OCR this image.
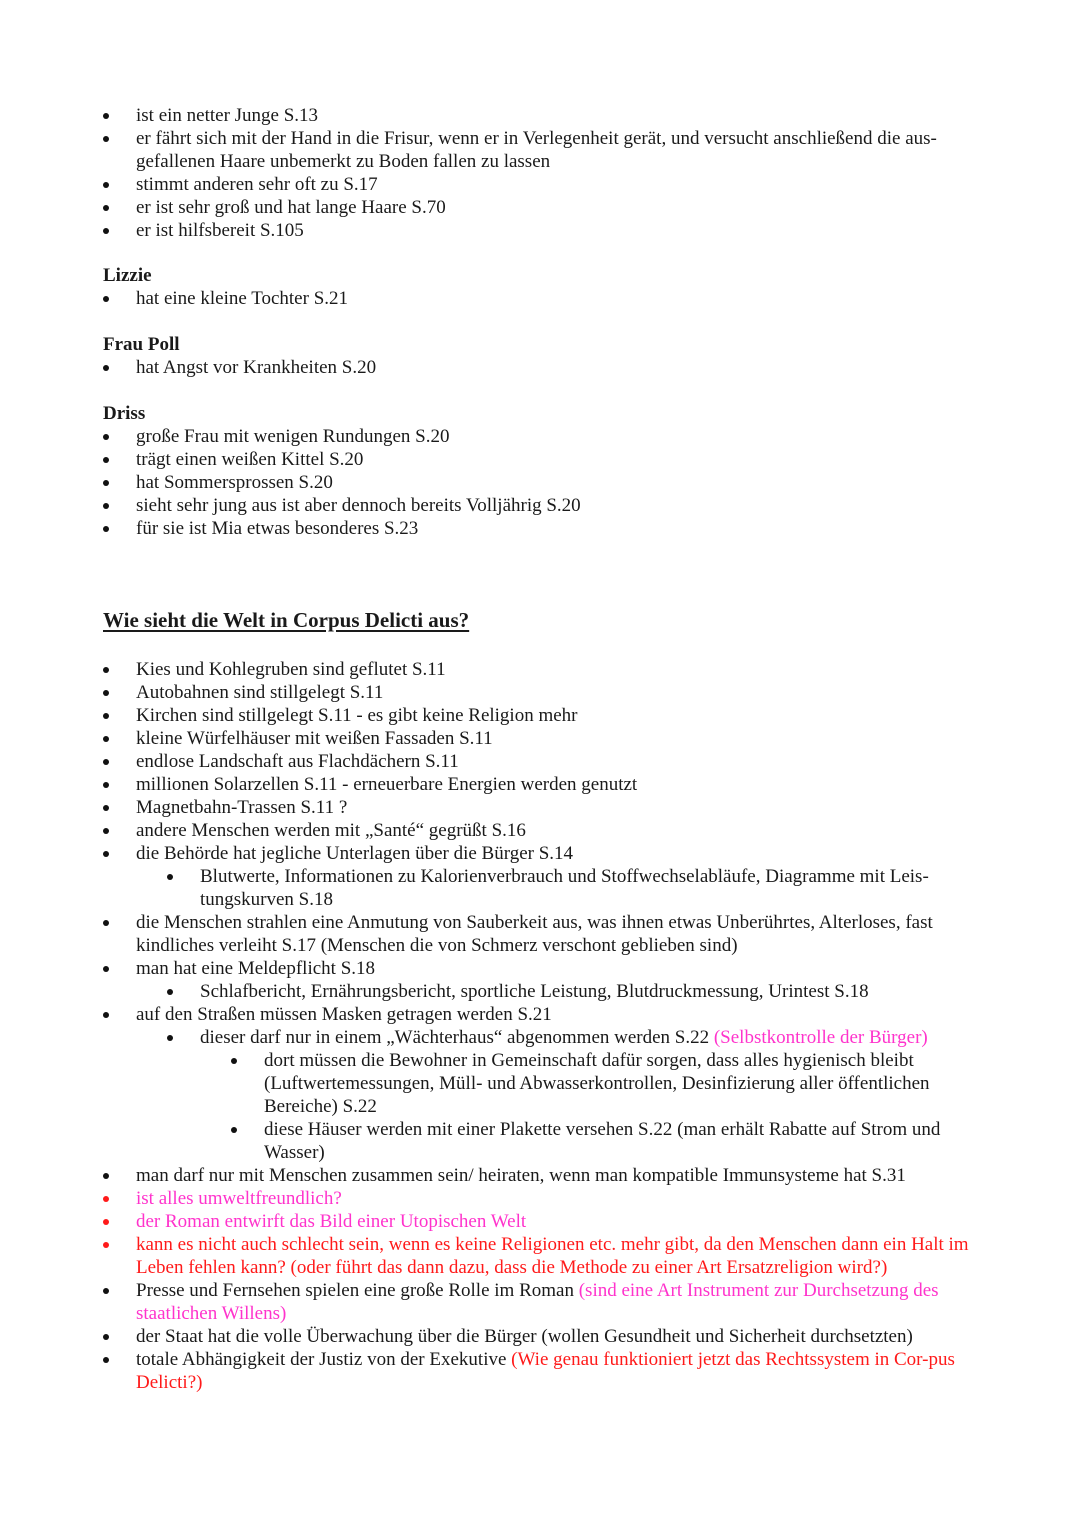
ist ein netter Junge S.13
er fährt sich mit der Hand in die Frisur, wenn er in Verlegenheit gerät, und versucht anschließend die aus-gefallenen Haare unbemerkt zu Boden fallen zu lassen
stimmt anderen sehr oft zu S.17
er ist sehr groß und hat lange Haare S.70
er ist hilfsbereit S.105
Lizzie
hat eine kleine Tochter S.21
Frau Poll
hat Angst vor Krankheiten S.20
Driss
große Frau mit wenigen Rundungen S.20
trägt einen weißen Kittel S.20
hat Sommersprossen S.20
sieht sehr jung aus ist aber dennoch bereits Volljährig S.20
für sie ist Mia etwas besonderes S.23
Wie sieht die Welt in Corpus Delicti aus?
Kies und Kohlegruben sind geflutet S.11
Autobahnen sind stillgelegt S.11
Kirchen sind stillgelegt S.11 - es gibt keine Religion mehr
kleine Würfelhäuser mit weißen Fassaden S.11
endlose Landschaft aus Flachdächern S.11
millionen Solarzellen S.11 - erneuerbare Energien werden genutzt
Magnetbahn-Trassen S.11 ?
andere Menschen werden mit „Santé“ gegrüßt S.16
die Behörde hat jegliche Unterlagen über die Bürger S.14
Blutwerte, Informationen zu Kalorienverbrauch und Stoffwechselabläufe, Diagramme mit Leis-tungskurven S.18
die Menschen strahlen eine Anmutung von Sauberkeit aus, was ihnen etwas Unberührtes, Alterloses, fast kindliches verleiht S.17 (Menschen die von Schmerz verschont geblieben sind)
man hat eine Meldepflicht S.18
Schlafbericht, Ernährungsbericht, sportliche Leistung, Blutdruckmessung, Urintest S.18
auf den Straßen müssen Masken getragen werden S.21
dieser darf nur in einem „Wächterhaus“ abgenommen werden S.22 (Selbstkontrolle der Bürger)
dort müssen die Bewohner in Gemeinschaft dafür sorgen, dass alles hygienisch bleibt (Luftwertemessungen, Müll- und Abwasserkontrollen, Desinfizierung aller öffentlichen Bereiche) S.22
diese Häuser werden mit einer Plakette versehen S.22 (man erhält Rabatte auf Strom und Wasser)
man darf nur mit Menschen zusammen sein/ heiraten, wenn man kompatible Immunsysteme hat S.31
ist alles umweltfreundlich?
der Roman entwirft das Bild einer Utopischen Welt
kann es nicht auch schlecht sein, wenn es keine Religionen etc. mehr gibt, da den Menschen dann ein Halt im Leben fehlen kann? (oder führt das dann dazu, dass die Methode zu einer Art Ersatzreligion wird?)
Presse und Fernsehen spielen eine große Rolle im Roman (sind eine Art Instrument zur Durchsetzung des staatlichen Willens)
der Staat hat die volle Überwachung über die Bürger (wollen Gesundheit und Sicherheit durchsetzten)
totale Abhängigkeit der Justiz von der Exekutive (Wie genau funktioniert jetzt das Rechtssystem in Cor-pus Delicti?)
